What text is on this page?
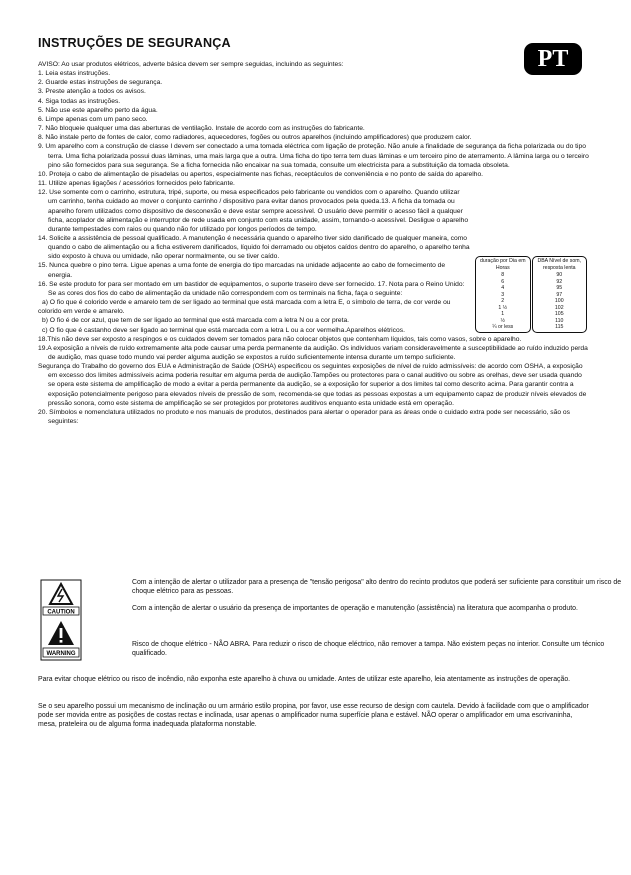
INSTRUÇÕES DE SEGURANÇA
PT

AVISO: Ao usar produtos elétricos, adverte básica devem ser sempre seguidas, incluindo as seguintes:

1. Leia estas instruções.

2. Guarde estas instruções de segurança.

3. Preste atenção a todos os avisos.

4. Siga todas as instruções.

5. Não use este aparelho perto da água.

6. Limpe apenas com um pano seco.

7. Não bloqueie qualquer uma das aberturas de ventilação. Instale de acordo com as instruções do fabricante.

8. Não instale perto de fontes de calor, como radiadores, aquecedores, fogões ou outros aparelhos (incluindo amplificadores) que produzem calor.

9. Um aparelho com a construção de classe I devem ser conectado a uma tomada eléctrica com ligação de proteção. Não anule a finalidade de segurança da ficha polarizada ou do tipo terra. Uma ficha polarizada possui duas lâminas, uma mais larga que a outra. Uma ficha do tipo terra tem duas lâminas e um terceiro pino de aterramento. A lâmina larga ou o terceiro pino são fornecidos para sua segurança. Se a ficha fornecida não encaixar na sua tomada, consulte um electricista para a substituição da tomada obsoleta.

10. Proteja o cabo de alimentação de pisadelas ou apertos, especialmente nas fichas, receptáculos de conveniência e no ponto de saída do aparelho.

11. Utilize apenas ligações / acessórios fornecidos pelo fabricante.

12. Use somente com o carrinho, estrutura, tripé, suporte, ou mesa especificados pelo fabricante ou vendidos com o aparelho. Quando utilizar um carrinho, tenha cuidado ao mover o conjunto carrinho / dispositivo para evitar danos provocados pela queda.13. A ficha da tomada ou aparelho forem utilizados como dispositivo de desconexão e deve estar sempre acessível. O usuário deve permitir o acesso fácil a qualquer ficha, acoplador de alimentação e interruptor de rede usada em conjunto com esta unidade, assim, tornando-o acessível. Desligue o aparelho durante tempestades com raios ou quando não for utilizado por longos períodos de tempo.

14. Solicite a assistência de pessoal qualificado. A manutenção é necessária quando o aparelho tiver sido danificado de qualquer maneira, como quando o cabo de alimentação ou a ficha estiverem danificados, líquido foi derramado ou objetos caídos dentro do aparelho, o aparelho tenha sido exposto à chuva ou umidade, não operar normalmente, ou se tiver caído.

15. Nunca quebre o pino terra. Ligue apenas a uma fonte de energia do tipo marcadas na unidade adjacente ao cabo de fornecimento de energia.

16. Se este produto for para ser montado em um bastidor de equipamentos, o suporte traseiro deve ser fornecido. 17. Nota para o Reino Unido: Se as cores dos fios do cabo de alimentação da unidade não correspondem com os terminais na ficha, faça o seguinte:

a) O fio que é colorido verde e amarelo tem de ser ligado ao terminal que está marcada com a letra E, o símbolo de terra, de cor verde ou

colorido em verde e amarelo.

b) O fio é de cor azul, que tem de ser ligado ao terminal que está marcada com a letra N ou a cor preta.

c) O fio que é castanho deve ser ligado ao terminal que está marcada com a letra L ou a cor vermelha.Aparelhos elétricos.

18.This não deve ser exposto a respingos e os cuidados devem ser tomados para não colocar objetos que contenham líquidos, tais como vasos, sobre o aparelho.

19.A exposição a níveis de ruído extremamente alta pode causar uma perda permanente da audição. Os indivíduos variam consideravelmente a susceptibilidade ao ruído induzido perda de audição, mas quase todo mundo vai perder alguma audição se expostos a ruído suficientemente intensa durante um tempo suficiente.

Segurança do Trabalho do governo dos EUA e Administração de Saúde (OSHA) especificou os seguintes exposições de nível de ruído admissíveis: de acordo com OSHA, a exposição em excesso dos limites admissíveis acima poderia resultar em alguma perda de audição.Tampões ou protectores para o canal auditivo ou sobre as orelhas, deve ser usada quando se opera este sistema de amplificação de modo a evitar a perda permanente da audição, se a exposição for superior a dos limites tal como descrito acima. Para garantir contra a exposição potencialmente perigoso para elevados níveis de pressão de som, recomenda-se que todas as pessoas expostas a um equipamento capaz de produzir níveis elevados de pressão sonora, como este sistema de amplificação se ser protegidos por protetores auditivos enquanto esta unidade está em operação.

20. Símbolos e nomenclatura utilizados no produto e nos manuais de produtos, destinados para alertar o operador para as áreas onde o cuidado extra pode ser necessário, são os seguintes:

duração por Dia em Horas
8
6
4
3
2
1 ½
1
½
¼ or less
DBA Nível de som, resposta lenta
90
92
95
97
100
102
105
110
115
CAUTION
WARNING

Com a intenção de alertar o utilizador para a presença de "tensão perigosa" alto dentro do recinto produtos que poderá ser suficiente para constituir um risco de choque elétrico para as pessoas.

Com a intenção de alertar o usuário da presença de importantes de operação e manutenção (assistência) na literatura que acompanha o produto.

Risco de choque elétrico - NÃO ABRA. Para reduzir o risco de choque eléctrico, não remover a tampa. Não existem peças no interior. Consulte um técnico qualificado.

Para evitar choque elétrico ou risco de incêndio, não exponha este aparelho à chuva ou umidade. Antes de utilizar este aparelho, leia atentamente as instruções de operação.

Se o seu aparelho possui um mecanismo de inclinação ou um armário estilo propina, por favor, use esse recurso de design com cautela. Devido à facilidade com que o amplificador pode ser movida entre as posições de costas rectas e inclinada, usar apenas o amplificador numa superfície plana e estável. NÃO operar o amplificador em uma escrivaninha, mesa, prateleira ou de alguma forma inadequada plataforma nonstable.
